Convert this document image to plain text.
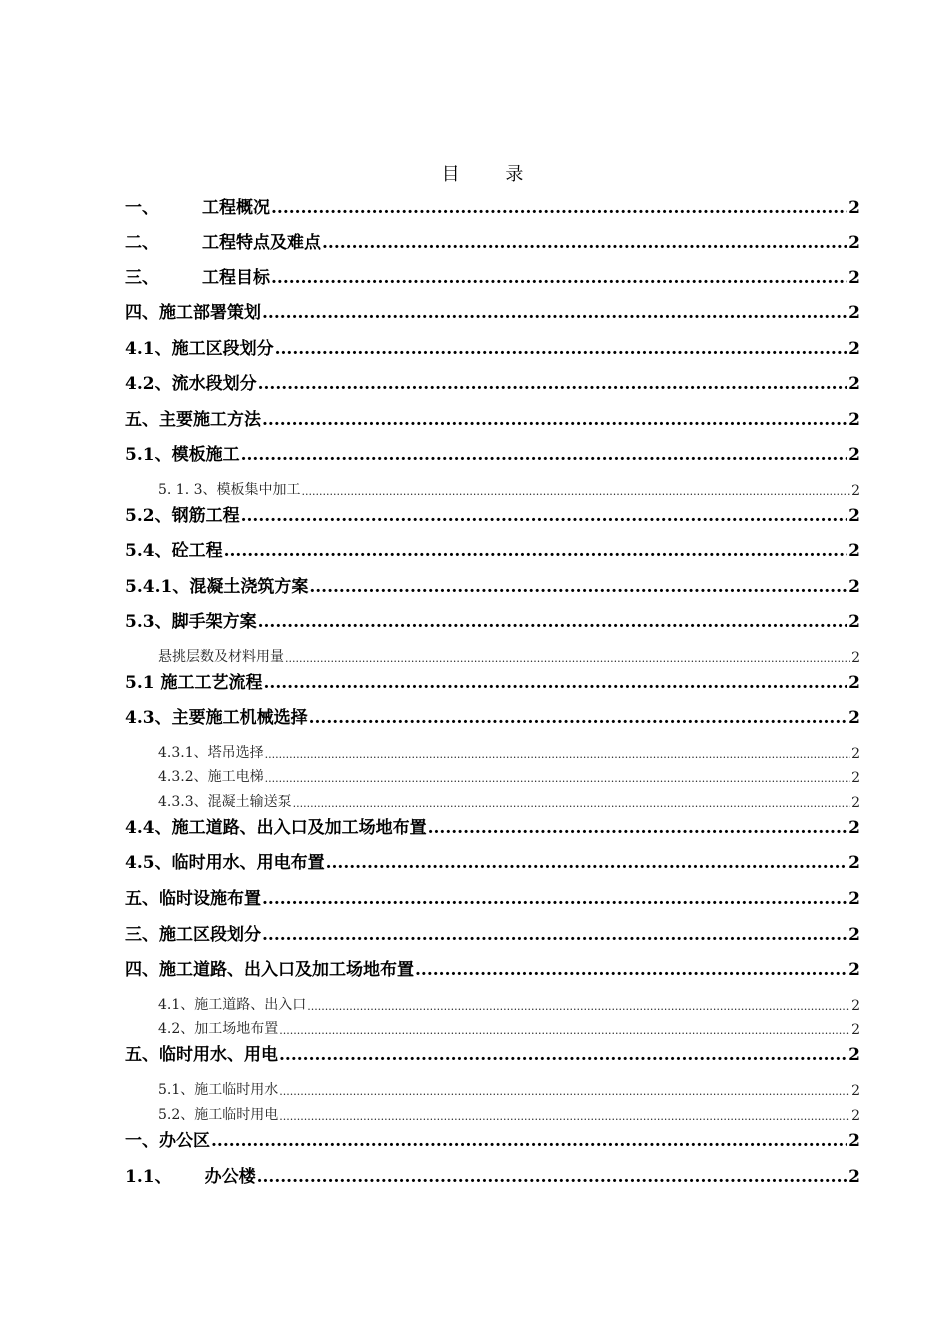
目 录
一、	工程概况 .....	2
二、	工程特点及难点 .....	2
三、	工程目标 .....	2
四、施工部署策划 .....	2
4.1、施工区段划分 .....	2
4.2、流水段划分 .....	2
五、主要施工方法 .....	2
5.1、模板施工 .....	2
5. 1. 3、模板集中加工 .....	2
5.2、钢筋工程 .....	2
5.4、砼工程 .....	2
5.4.1、混凝土浇筑方案 .....	2
5.3、脚手架方案 .....	2
悬挑层数及材料用量 .....	2
5.1 施工工艺流程 .....	2
4.3、主要施工机械选择 .....	2
4.3.1、塔吊选择 .....	2
4.3.2、施工电梯 .....	2
4.3.3、混凝土输送泵 .....	2
4.4、施工道路、出入口及加工场地布置 .....	2
4.5、临时用水、用电布置 .....	2
五、临时设施布置 .....	2
三、施工区段划分 .....	2
四、施工道路、出入口及加工场地布置 .....	2
4.1、施工道路、出入口 .....	2
4.2、加工场地布置 .....	2
五、临时用水、用电 .....	2
5.1、施工临时用水 .....	2
5.2、施工临时用电 .....	2
一、办公区 .....	2
1.1、 办公楼 .....	2
